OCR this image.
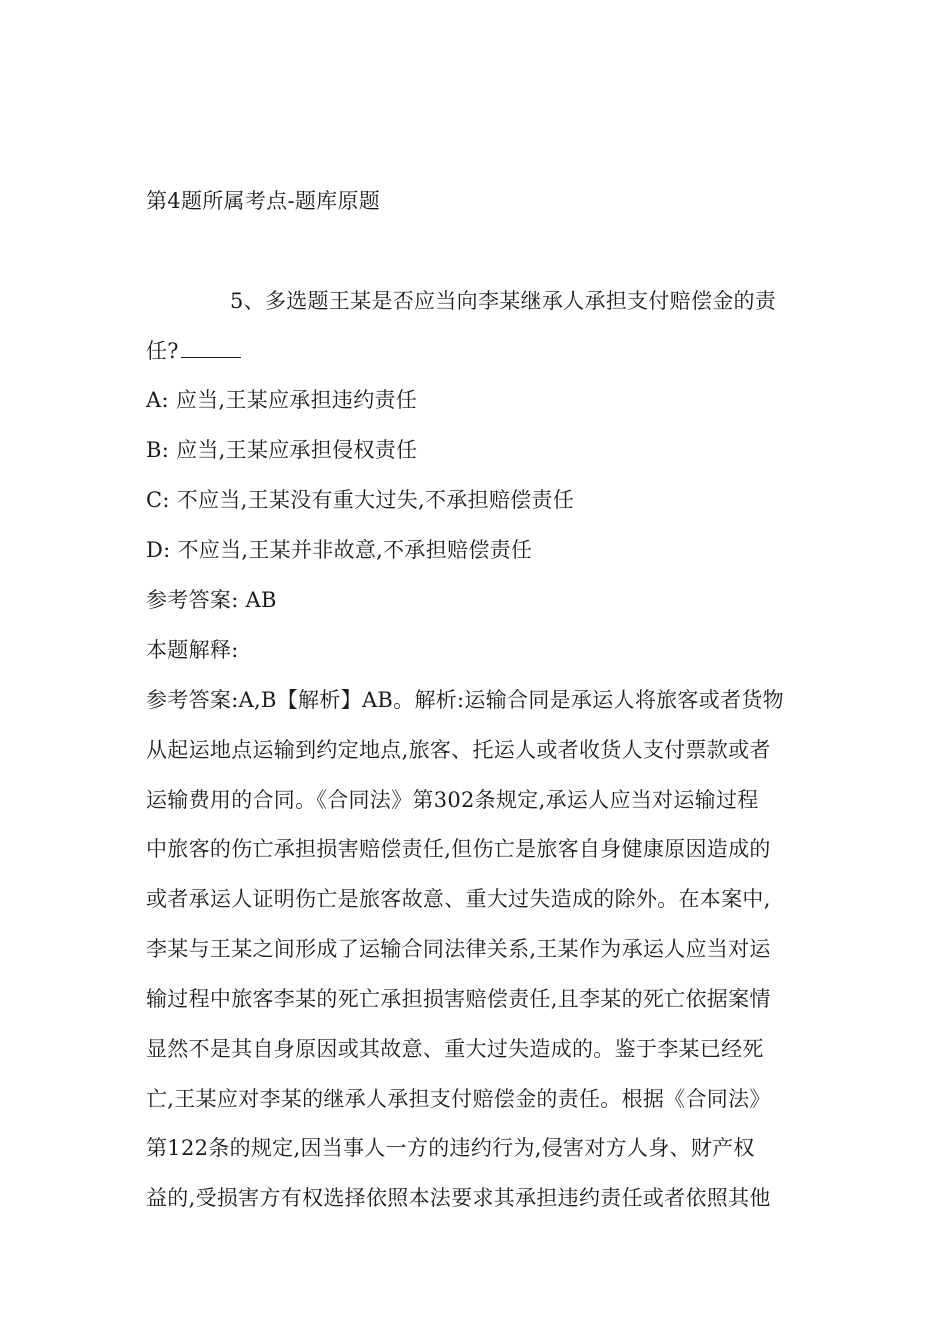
第4题所属考点-题库原题
5、多选题王某是否应当向李某继承人承担支付赔偿金的责
任?
A: 应当,王某应承担违约责任
B: 应当,王某应承担侵权责任
C: 不应当,王某没有重大过失,不承担赔偿责任
D: 不应当,王某并非故意,不承担赔偿责任
参考答案: AB
本题解释:
参考答案:A,B【解析】AB。解析:运输合同是承运人将旅客或者货物
从起运地点运输到约定地点,旅客、托运人或者收货人支付票款或者
运输费用的合同。《合同法》第302条规定,承运人应当对运输过程
中旅客的伤亡承担损害赔偿责任,但伤亡是旅客自身健康原因造成的
或者承运人证明伤亡是旅客故意、重大过失造成的除外。在本案中,
李某与王某之间形成了运输合同法律关系,王某作为承运人应当对运
输过程中旅客李某的死亡承担损害赔偿责任,且李某的死亡依据案情
显然不是其自身原因或其故意、重大过失造成的。鉴于李某已经死
亡,王某应对李某的继承人承担支付赔偿金的责任。根据《合同法》
第122条的规定,因当事人一方的违约行为,侵害对方人身、财产权
益的,受损害方有权选择依照本法要求其承担违约责任或者依照其他
